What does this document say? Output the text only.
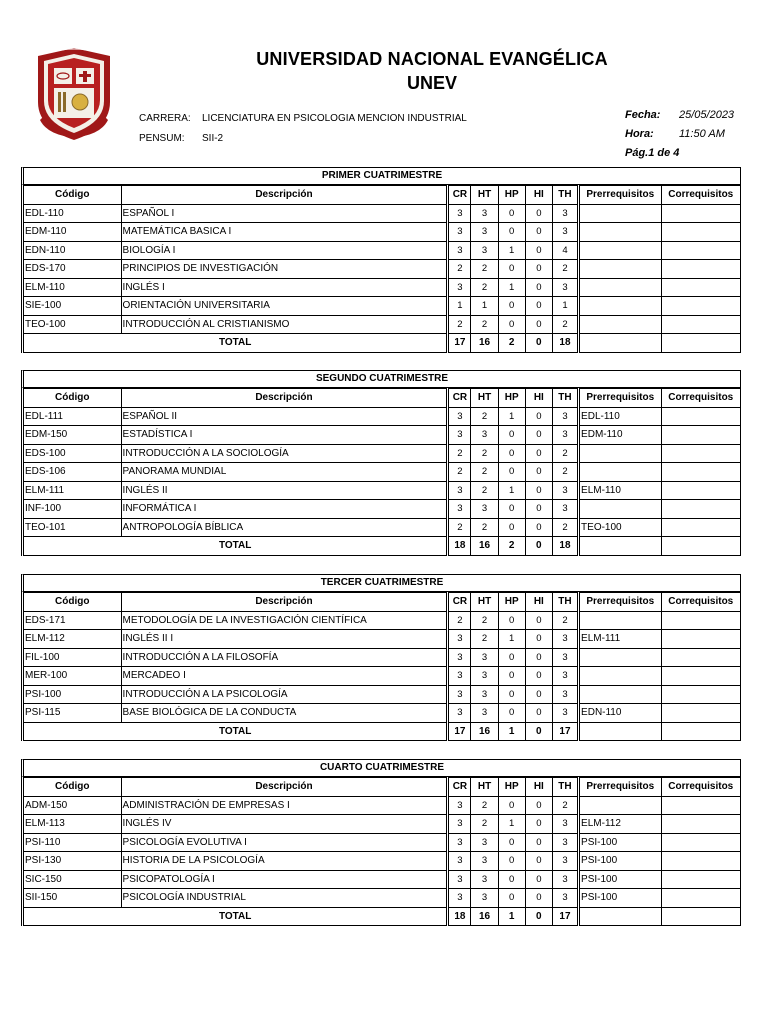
UNIVERSIDAD NACIONAL EVANGÉLICA
UNEV
CARRERA: LICENCIATURA EN PSICOLOGIA MENCION INDUSTRIAL
PENSUM: SII-2
Fecha: 25/05/2023
Hora: 11:50 AM
Pág.1 de 4
PRIMER CUATRIMESTRE
Código	Descripción	CR	HT	HP	HI	TH	Prerrequisitos	Correquisitos
EDL-110	ESPAÑOL I	3	3	0	0	3		
EDM-110	MATEMÁTICA BASICA I	3	3	0	0	3		
EDN-110	BIOLOGÍA I	3	3	1	0	4		
EDS-170	PRINCIPIOS DE INVESTIGACIÓN	2	2	0	0	2		
ELM-110	INGLÉS I	3	2	1	0	3		
SIE-100	ORIENTACIÓN UNIVERSITARIA	1	1	0	0	1		
TEO-100	INTRODUCCIÓN AL CRISTIANISMO	2	2	0	0	2		
TOTAL		17	16	2	0	18		
SEGUNDO CUATRIMESTRE
Código	Descripción	CR	HT	HP	HI	TH	Prerrequisitos	Correquisitos
EDL-111	ESPAÑOL II	3	2	1	0	3	EDL-110	
EDM-150	ESTADÍSTICA I	3	3	0	0	3	EDM-110	
EDS-100	INTRODUCCIÓN A LA SOCIOLOGÍA	2	2	0	0	2		
EDS-106	PANORAMA MUNDIAL	2	2	0	0	2		
ELM-111	INGLÉS II	3	2	1	0	3	ELM-110	
INF-100	INFORMÁTICA I	3	3	0	0	3		
TEO-101	ANTROPOLOGÍA BÍBLICA	2	2	0	0	2	TEO-100	
TOTAL		18	16	2	0	18		
TERCER CUATRIMESTRE
Código	Descripción	CR	HT	HP	HI	TH	Prerrequisitos	Correquisitos
EDS-171	METODOLOGÍA DE LA INVESTIGACIÓN CIENTÍFICA	2	2	0	0	2		
ELM-112	INGLÉS II I	3	2	1	0	3	ELM-111	
FIL-100	INTRODUCCIÓN A LA FILOSOFÍA	3	3	0	0	3		
MER-100	MERCADEO I	3	3	0	0	3		
PSI-100	INTRODUCCIÓN A LA PSICOLOGÍA	3	3	0	0	3		
PSI-115	BASE BIOLÓGICA DE LA CONDUCTA	3	3	0	0	3	EDN-110	
TOTAL		17	16	1	0	17		
CUARTO CUATRIMESTRE
Código	Descripción	CR	HT	HP	HI	TH	Prerrequisitos	Correquisitos
ADM-150	ADMINISTRACIÓN DE EMPRESAS I	3	2	0	0	2		
ELM-113	INGLÉS IV	3	2	1	0	3	ELM-112	
PSI-110	PSICOLOGÍA EVOLUTIVA I	3	3	0	0	3	PSI-100	
PSI-130	HISTORIA DE LA PSICOLOGÍA	3	3	0	0	3	PSI-100	
SIC-150	PSICOPATOLOGÍA I	3	3	0	0	3	PSI-100	
SII-150	PSICOLOGÍA INDUSTRIAL	3	3	0	0	3	PSI-100	
TOTAL		18	16	1	0	17		
